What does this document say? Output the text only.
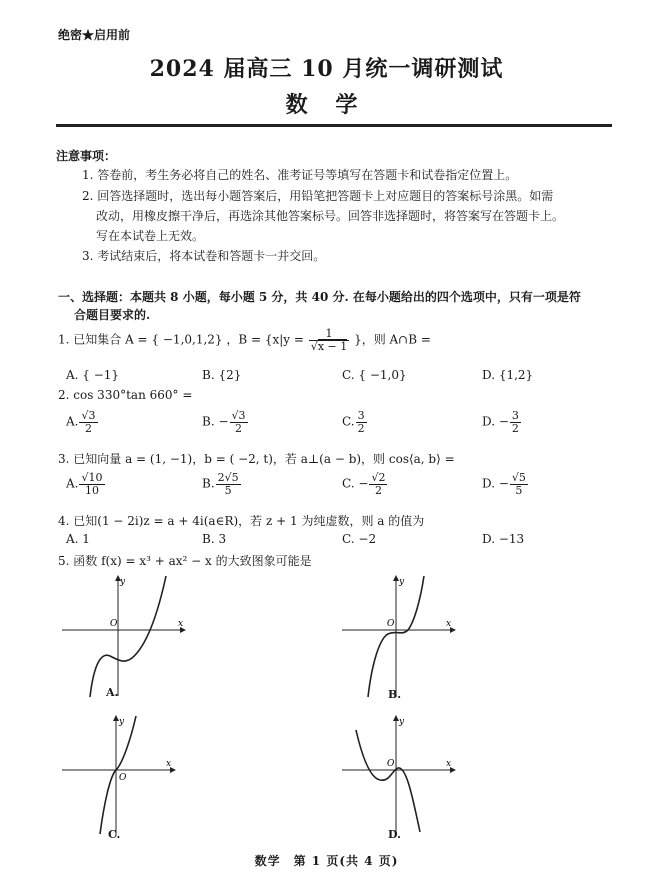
绝密★启用前
2024 届高三 10 月统一调研测试
数 学
注意事项：
1. 答卷前，考生务必将自己的姓名、准考证号等填写在答题卡和试卷指定位置上。
2. 回答选择题时，选出每小题答案后，用铅笔把答题卡上对应题目的答案标号涂黑。如需
改动，用橡皮擦干净后，再选涂其他答案标号。回答非选择题时，将答案写在答题卡上。
写在本试卷上无效。
3. 考试结束后，将本试卷和答题卡一并交回。
一、选择题：本题共 8 小题，每小题 5 分，共 40 分. 在每小题给出的四个选项中，只有一项是符
合题目要求的.
1. 已知集合 A = { −1,0,1,2} ，$B = \{x|y = \frac{1}{√x - 1}$ }，则 A∩B =
A. { −1}	B. {2}	C. { −1,0}	D. {1,2}
2. cos 330°tan 660° =
A. $\frac{√3}{2}$	B. − $\frac{√3}{2}$	C. $\frac{3}{2}$	D. − $\frac{3}{2}$
3. 已知向量 a = (1, −1)，b = ( −2, t)，若 a⊥(a − b)，则 cos⟨a, b⟩ =
A. $\frac{√10}{10}$	B. $\frac{2√5}{5}$	C. − $\frac{√2}{2}$	D. − $\frac{√5}{5}$
4. 已知(1 − 2i)z = a + 4i(a∈R)，若 z + 1 为纯虚数，则 a 的值为
A. 1	B. 3	C. −2	D. −13
5. 函数 f(x) = x³ + ax² − x 的大致图象可能是
y
x
O
A.
y
x
O
B.
y
x
O
C.
y
x
O
D.
数学　第 1 页(共 4 页)
